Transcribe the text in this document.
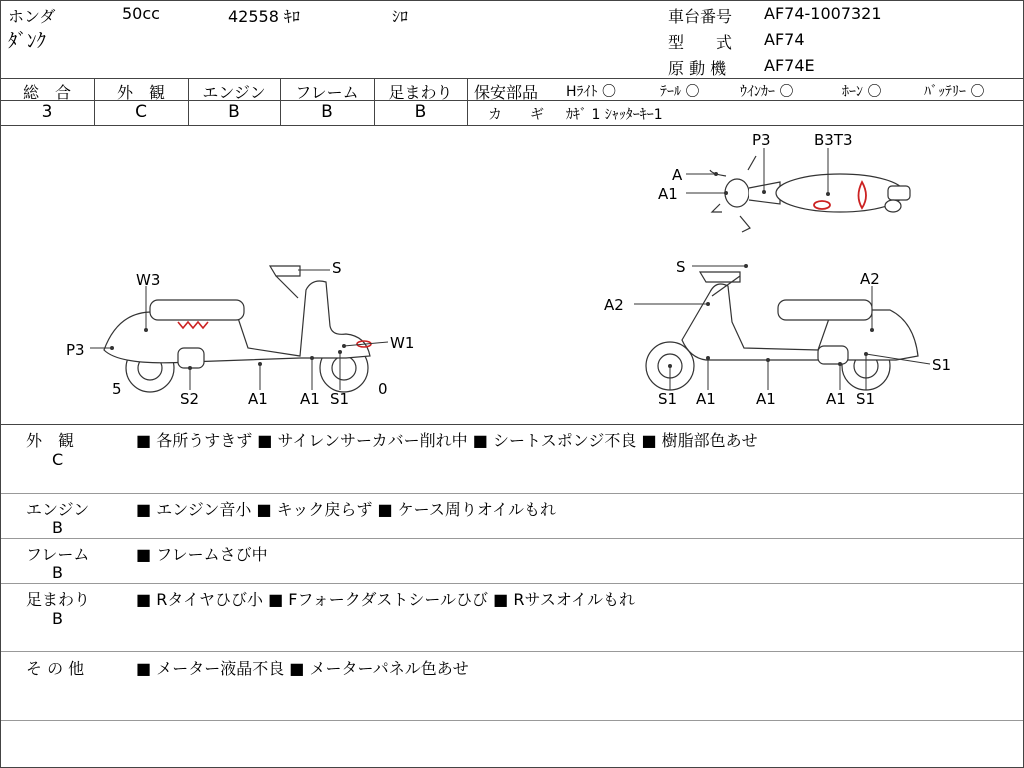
ホンダ	50cc	42558 ｷﾛ	ｼﾛ
ﾀﾞﾝｸ
車台番号 AF74-1007321
型　　式 AF74
原 動 機 AF74E
総　合	外　観	エンジン	フレーム	足まわり
3	C	B	B	B
保安部品 Hﾗｲﾄ 〇	ﾃｰﾙ 〇	ｳｲﾝｶｰ 〇	ﾎｰﾝ 〇	ﾊﾞｯﾃﾘｰ 〇
カ　　ギ ｶｷﾞ 1 ｼｬｯﾀｰｷｰ1
A
A1
P3	B3T3
W3
S
P3	W1
5
S2	A1 A1 S1
0
S
A2
A2
S1
S1 A1	A1	A1 S1
外　観
C
■ 各所うすきず ■ サイレンサーカバー削れ中 ■ シートスポンジ不良 ■ 樹脂部色あせ
エンジン
B
■ エンジン音小 ■ キック戻らず ■ ケース周りオイルもれ
フレーム
B
■ フレームさび中
足まわり
B
■ Rタイヤひび小 ■ Fフォークダストシールひび ■ Rサスオイルもれ
そ の 他	■ メーター液晶不良 ■ メーターパネル色あせ
